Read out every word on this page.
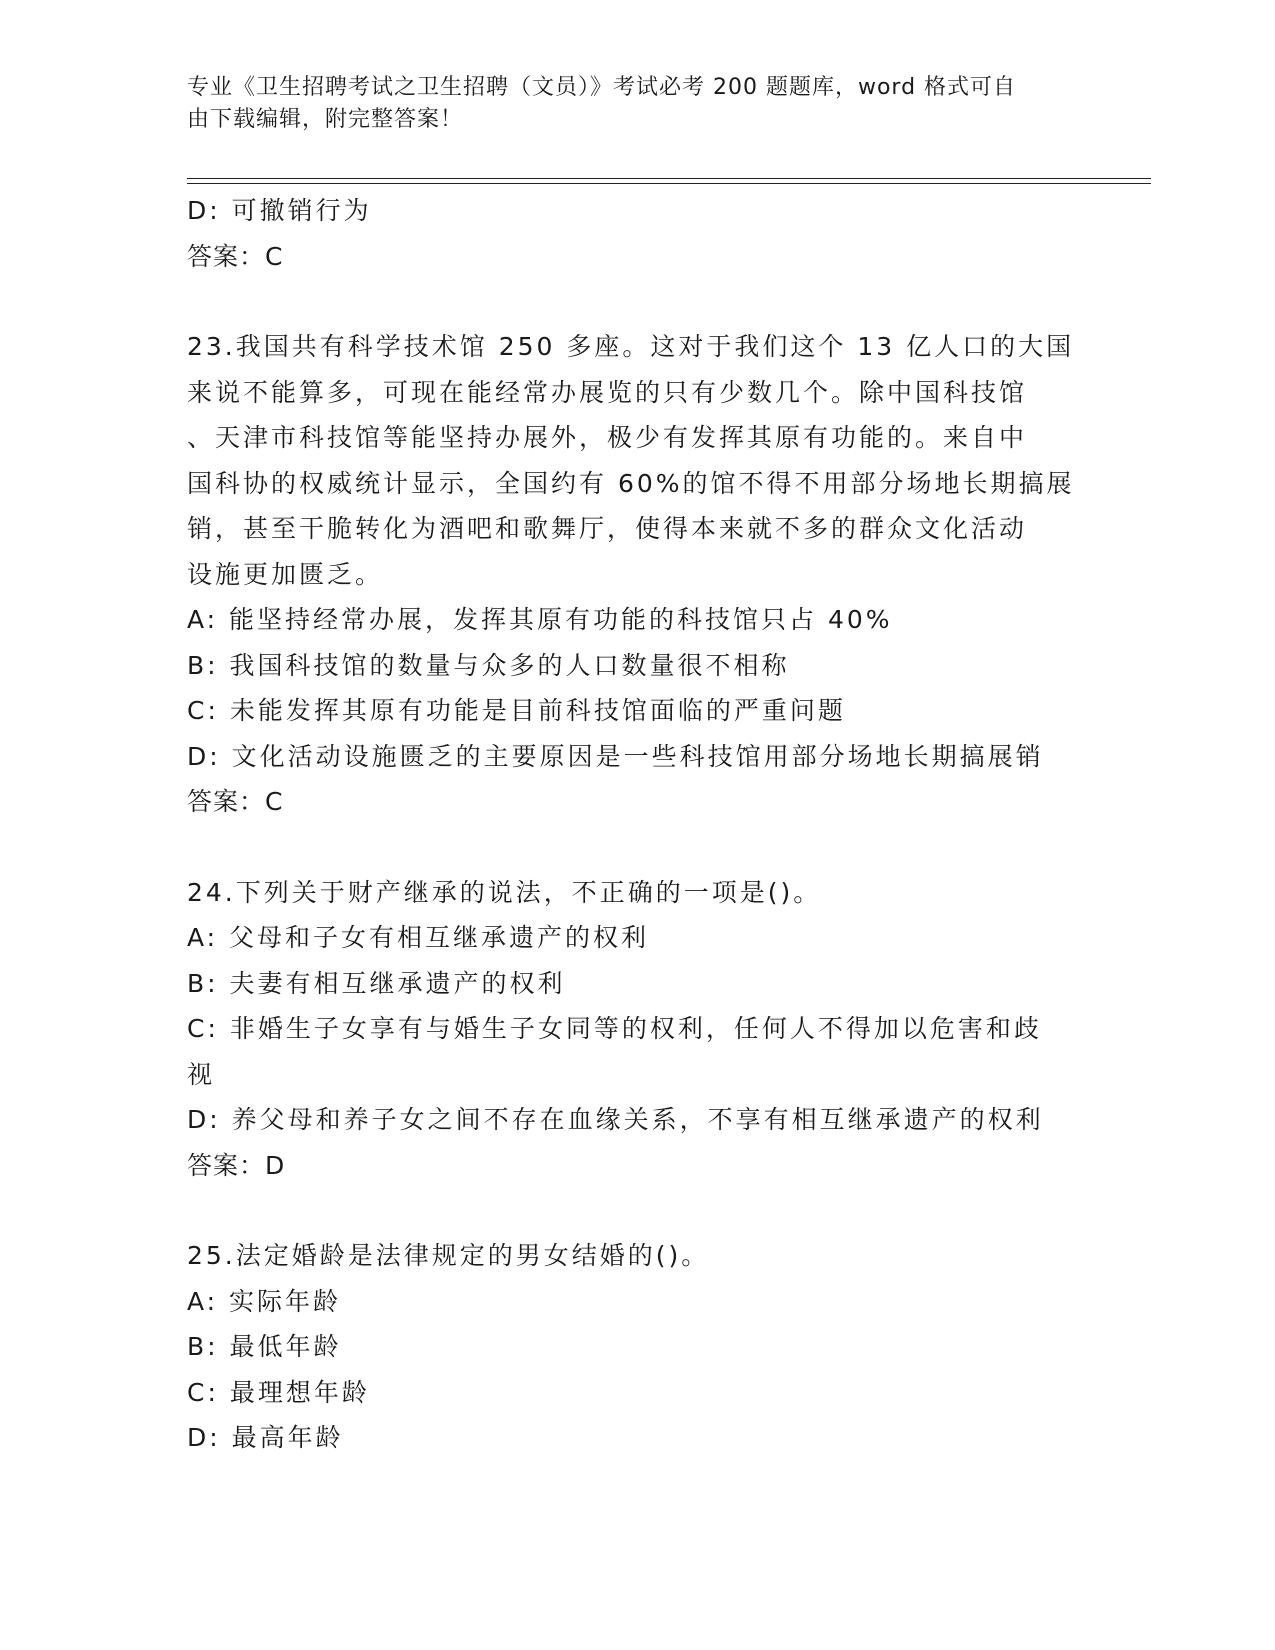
专业《卫生招聘考试之卫生招聘（文员）》考试必考 200 题题库，word 格式可自
由下载编辑，附完整答案！
D: 可撤销行为
答案：C
23.我国共有科学技术馆 250 多座。这对于我们这个 13 亿人口的大国
来说不能算多，可现在能经常办展览的只有少数几个。除中国科技馆
、天津市科技馆等能坚持办展外，极少有发挥其原有功能的。来自中
国科协的权威统计显示，全国约有 60%的馆不得不用部分场地长期搞展
销，甚至干脆转化为酒吧和歌舞厅，使得本来就不多的群众文化活动
设施更加匮乏。
A: 能坚持经常办展，发挥其原有功能的科技馆只占 40%
B: 我国科技馆的数量与众多的人口数量很不相称
C: 未能发挥其原有功能是目前科技馆面临的严重问题
D: 文化活动设施匮乏的主要原因是一些科技馆用部分场地长期搞展销
答案：C
24.下列关于财产继承的说法，不正确的一项是()。
A: 父母和子女有相互继承遗产的权利
B: 夫妻有相互继承遗产的权利
C: 非婚生子女享有与婚生子女同等的权利，任何人不得加以危害和歧
视
D: 养父母和养子女之间不存在血缘关系，不享有相互继承遗产的权利
答案：D
25.法定婚龄是法律规定的男女结婚的()。
A: 实际年龄
B: 最低年龄
C: 最理想年龄
D: 最高年龄
